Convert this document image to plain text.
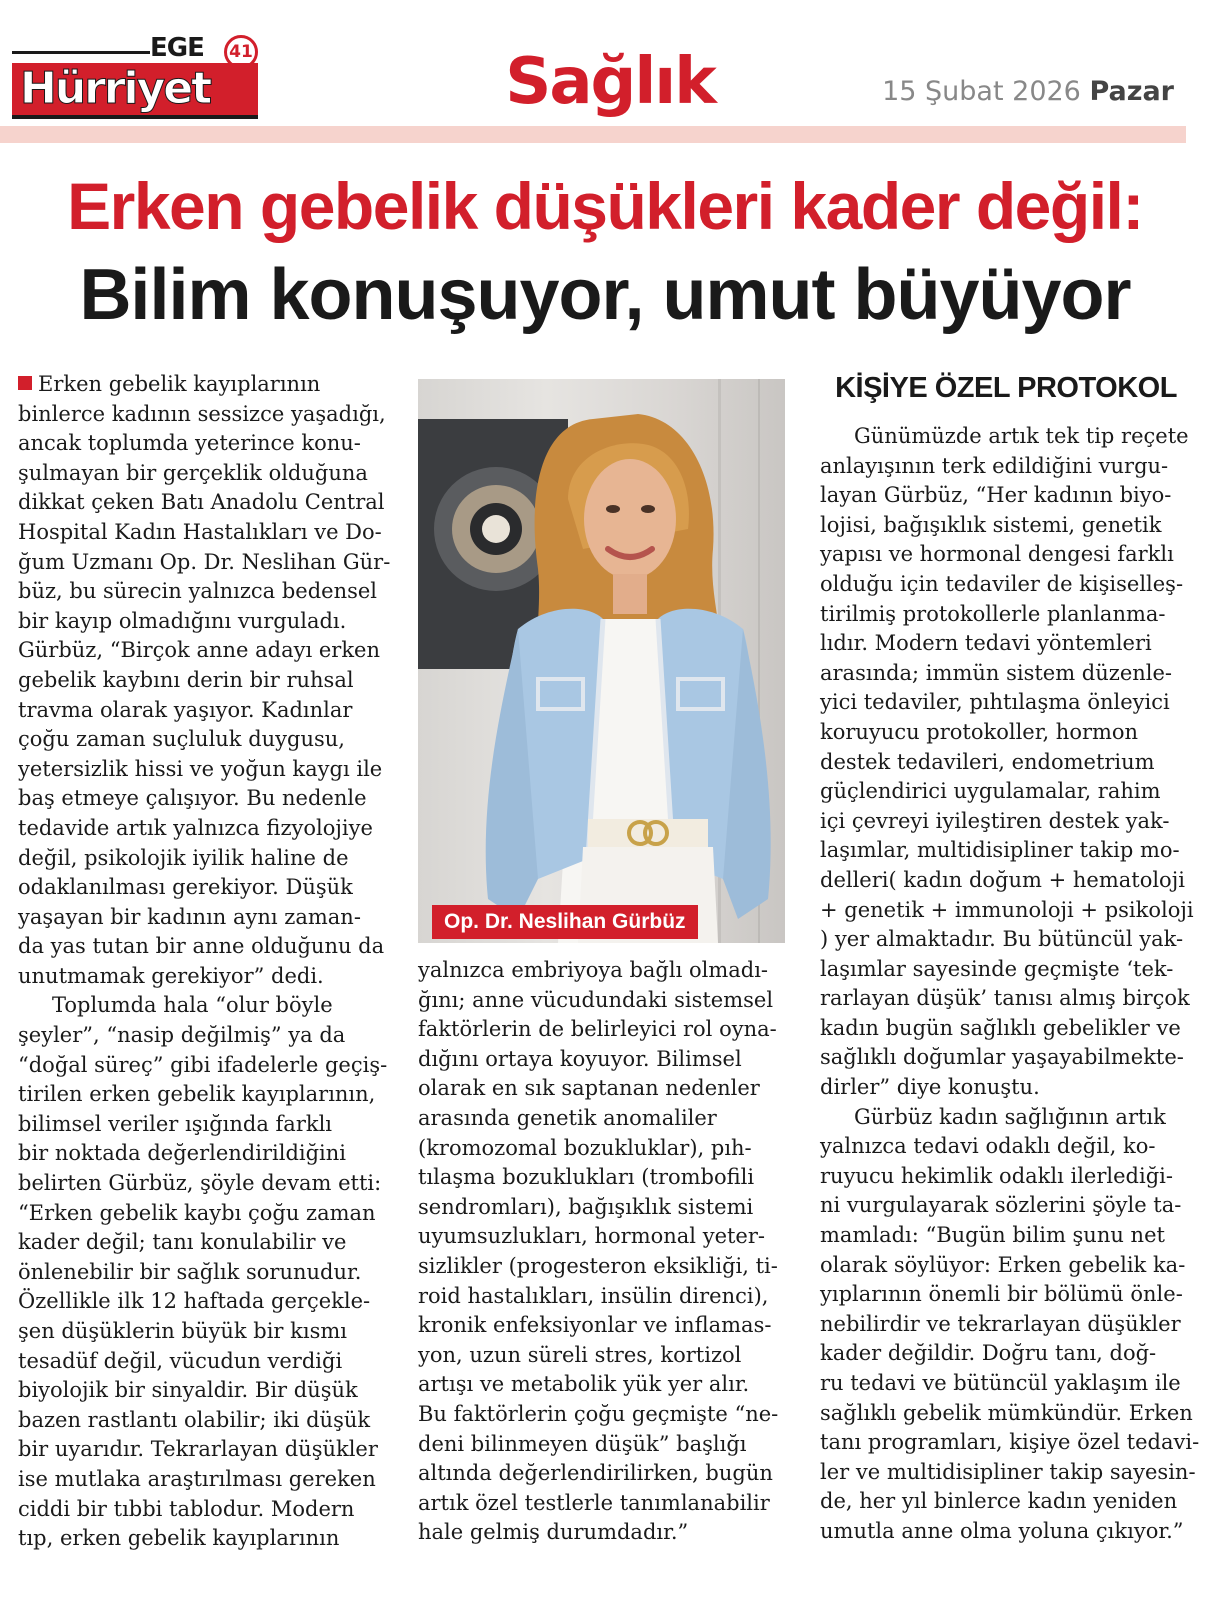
EGE 41
Hürriyet	Sağlık	15 Şubat 2026 Pazar
Erken gebelik düşükleri kader değil:
Bilim konuşuyor, umut büyüyor

Erken gebelik kayıplarının

binlerce kadının sessizce yaşadığı,

ancak toplumda yeterince konu-

şulmayan bir gerçeklik olduğuna

dikkat çeken Batı Anadolu Central

Hospital Kadın Hastalıkları ve Do-

ğum Uzmanı Op. Dr. Neslihan Gür-

büz, bu sürecin yalnızca bedensel

bir kayıp olmadığını vurguladı.

Gürbüz, “Birçok anne adayı erken

gebelik kaybını derin bir ruhsal

travma olarak yaşıyor. Kadınlar

çoğu zaman suçluluk duygusu,

yetersizlik hissi ve yoğun kaygı ile

baş etmeye çalışıyor. Bu nedenle

tedavide artık yalnızca fizyolojiye

değil, psikolojik iyilik haline de

odaklanılması gerekiyor. Düşük

yaşayan bir kadının aynı zaman-

da yas tutan bir anne olduğunu da

unutmamak gerekiyor” dedi.

Toplumda hala “olur böyle

şeyler”, “nasip değilmiş” ya da

“doğal süreç” gibi ifadelerle geçiş-

tirilen erken gebelik kayıplarının,

bilimsel veriler ışığında farklı

bir noktada değerlendirildiğini

belirten Gürbüz, şöyle devam etti:

“Erken gebelik kaybı çoğu zaman

kader değil; tanı konulabilir ve

önlenebilir bir sağlık sorunudur.

Özellikle ilk 12 haftada gerçekle-

şen düşüklerin büyük bir kısmı

tesadüf değil, vücudun verdiği

biyolojik bir sinyaldir. Bir düşük

bazen rastlantı olabilir; iki düşük

bir uyarıdır. Tekrarlayan düşükler

ise mutlaka araştırılması gereken

ciddi bir tıbbi tablodur. Modern

tıp, erken gebelik kayıplarının

Op. Dr. Neslihan Gürbüz

yalnızca embriyoya bağlı olmadı-

ğını; anne vücudundaki sistemsel

faktörlerin de belirleyici rol oyna-

dığını ortaya koyuyor. Bilimsel

olarak en sık saptanan nedenler

arasında genetik anomaliler

(kromozomal bozukluklar), pıh-

tılaşma bozuklukları (trombofili

sendromları), bağışıklık sistemi

uyumsuzlukları, hormonal yeter-

sizlikler (progesteron eksikliği, ti-

roid hastalıkları, insülin direnci),

kronik enfeksiyonlar ve inflamas-

yon, uzun süreli stres, kortizol

artışı ve metabolik yük yer alır.

Bu faktörlerin çoğu geçmişte “ne-

deni bilinmeyen düşük” başlığı

altında değerlendirilirken, bugün

artık özel testlerle tanımlanabilir

hale gelmiş durumdadır.”

KİŞİYE ÖZEL PROTOKOL

Günümüzde artık tek tip reçete

anlayışının terk edildiğini vurgu-

layan Gürbüz, “Her kadının biyo-

lojisi, bağışıklık sistemi, genetik

yapısı ve hormonal dengesi farklı

olduğu için tedaviler de kişiselleş-

tirilmiş protokollerle planlanma-

lıdır. Modern tedavi yöntemleri

arasında; immün sistem düzenle-

yici tedaviler, pıhtılaşma önleyici

koruyucu protokoller, hormon

destek tedavileri, endometrium

güçlendirici uygulamalar, rahim

içi çevreyi iyileştiren destek yak-

laşımlar, multidisipliner takip mo-

delleri( kadın doğum + hematoloji

+ genetik + immunoloji + psikoloji

) yer almaktadır. Bu bütüncül yak-

laşımlar sayesinde geçmişte ‘tek-

rarlayan düşük’ tanısı almış birçok

kadın bugün sağlıklı gebelikler ve

sağlıklı doğumlar yaşayabilmekte-

dirler” diye konuştu.

Gürbüz kadın sağlığının artık

yalnızca tedavi odaklı değil, ko-

ruyucu hekimlik odaklı ilerlediği-

ni vurgulayarak sözlerini şöyle ta-

mamladı: “Bugün bilim şunu net

olarak söylüyor: Erken gebelik ka-

yıplarının önemli bir bölümü önle-

nebilirdir ve tekrarlayan düşükler

kader değildir. Doğru tanı, doğ-

ru tedavi ve bütüncül yaklaşım ile

sağlıklı gebelik mümkündür. Erken

tanı programları, kişiye özel tedavi-

ler ve multidisipliner takip sayesin-

de, her yıl binlerce kadın yeniden

umutla anne olma yoluna çıkıyor.”
